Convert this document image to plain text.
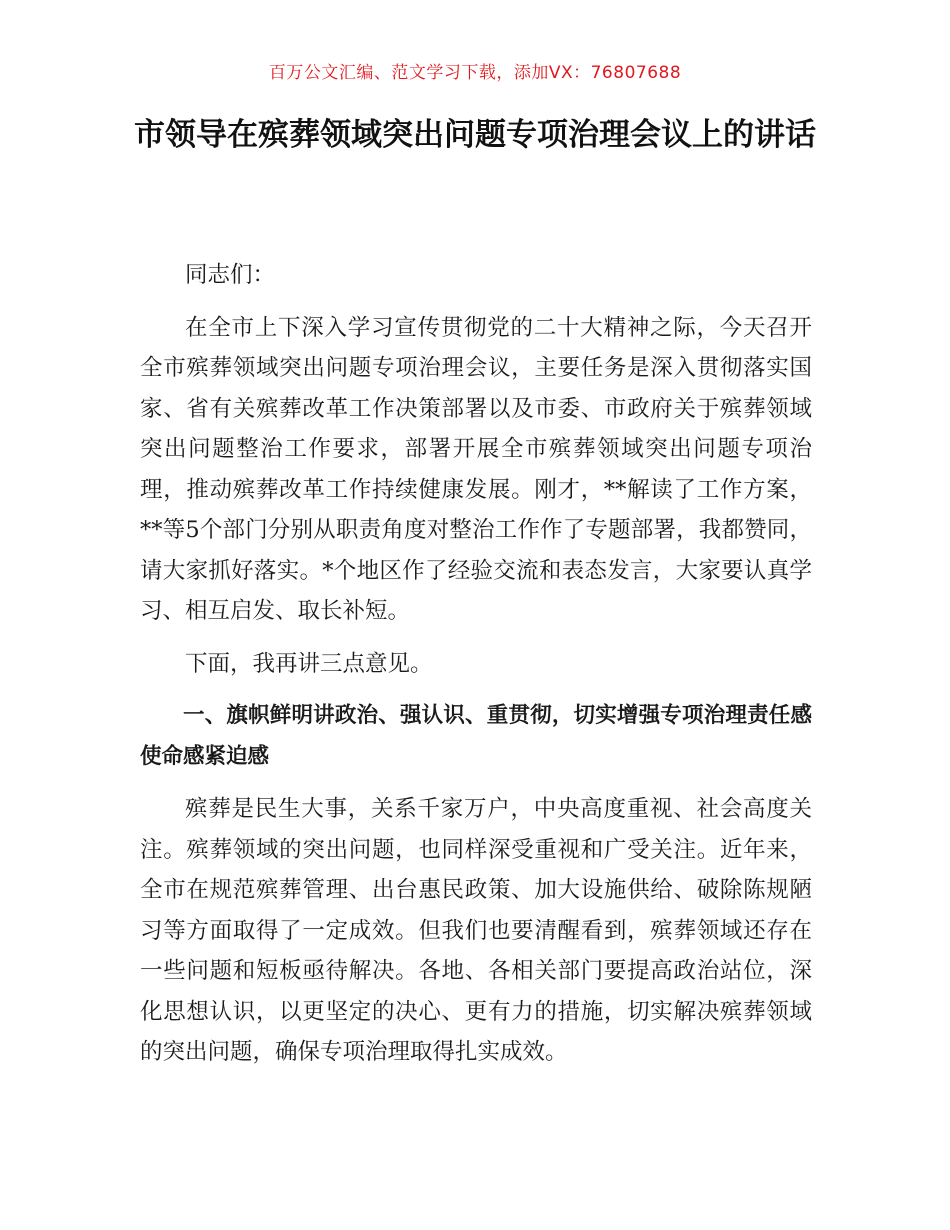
百万公文汇编、范文学习下载，添加VX：76807688
市领导在殡葬领域突出问题专项治理会议上的讲话

同志们：

在全市上下深入学习宣传贯彻党的二十大精神之际，今天召开全市殡葬领域突出问题专项治理会议，主要任务是深入贯彻落实国家、省有关殡葬改革工作决策部署以及市委、市政府关于殡葬领域突出问题整治工作要求，部署开展全市殡葬领域突出问题专项治理，推动殡葬改革工作持续健康发展。刚才，**解读了工作方案，**等5个部门分别从职责角度对整治工作作了专题部署，我都赞同，请大家抓好落实。*个地区作了经验交流和表态发言，大家要认真学习、相互启发、取长补短。

下面，我再讲三点意见。

一、旗帜鲜明讲政治、强认识、重贯彻，切实增强专项治理责任感使命感紧迫感

殡葬是民生大事，关系千家万户，中央高度重视、社会高度关注。殡葬领域的突出问题，也同样深受重视和广受关注。近年来，全市在规范殡葬管理、出台惠民政策、加大设施供给、破除陈规陋习等方面取得了一定成效。但我们也要清醒看到，殡葬领域还存在一些问题和短板亟待解决。各地、各相关部门要提高政治站位，深化思想认识，以更坚定的决心、更有力的措施，切实解决殡葬领域的突出问题，确保专项治理取得扎实成效。
